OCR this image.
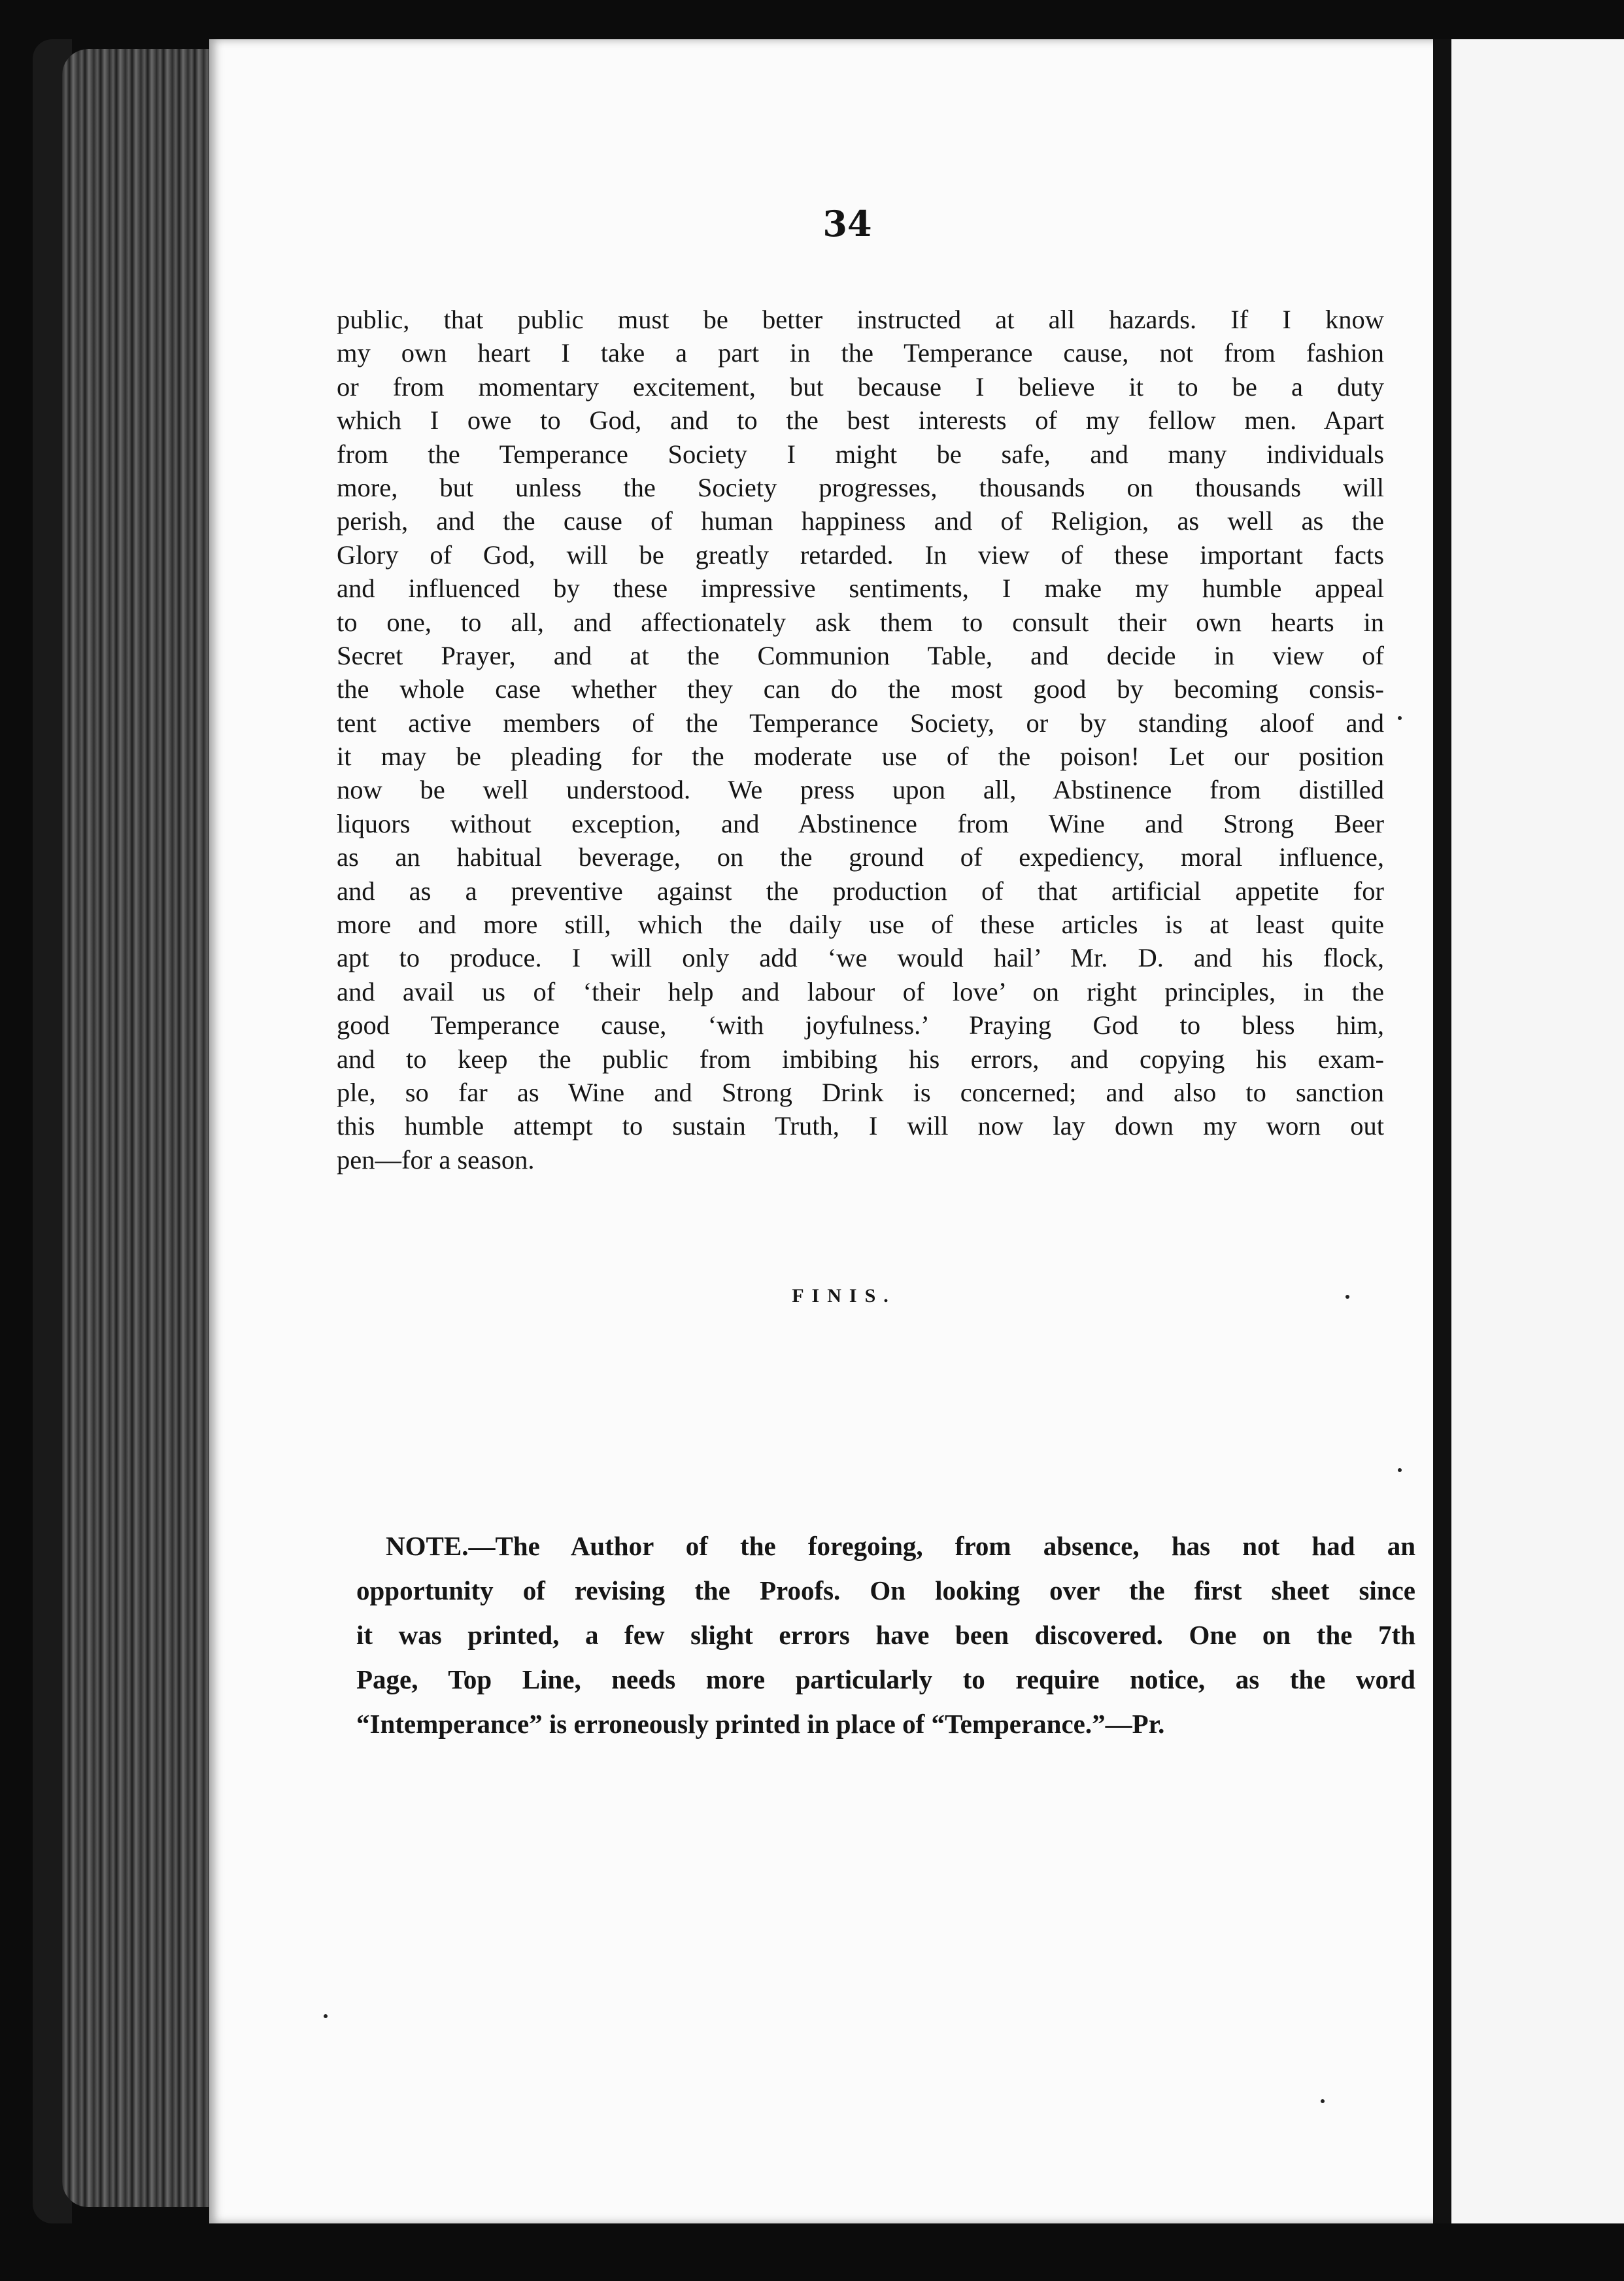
34
public, that public must be better instructed at all hazards. If I know
my own heart I take a part in the Temperance cause, not from fashion
or from momentary excitement, but because I believe it to be a duty
which I owe to God, and to the best interests of my fellow men. Apart
from the Temperance Society I might be safe, and many individuals
more, but unless the Society progresses, thousands on thousands will
perish, and the cause of human happiness and of Religion, as well as the
Glory of God, will be greatly retarded. In view of these important facts
and influenced by these impressive sentiments, I make my humble appeal
to one, to all, and affectionately ask them to consult their own hearts in
Secret Prayer, and at the Communion Table, and decide in view of
the whole case whether they can do the most good by becoming consis-
tent active members of the Temperance Society, or by standing aloof and
it may be pleading for the moderate use of the poison! Let our position
now be well understood. We press upon all, Abstinence from distilled
liquors without exception, and Abstinence from Wine and Strong Beer
as an habitual beverage, on the ground of expediency, moral influence,
and as a preventive against the production of that artificial appetite for
more and more still, which the daily use of these articles is at least quite
apt to produce. I will only add ‘we would hail’ Mr. D. and his flock,
and avail us of ‘their help and labour of love’ on right principles, in the
good Temperance cause, ‘with joyfulness.’ Praying God to bless him,
and to keep the public from imbibing his errors, and copying his exam-
ple, so far as Wine and Strong Drink is concerned; and also to sanction
this humble attempt to sustain Truth, I will now lay down my worn out
pen—for a season.
FINIS.
NOTE.—The Author of the foregoing, from absence, has not had an
opportunity of revising the Proofs. On looking over the first sheet since
it was printed, a few slight errors have been discovered. One on the 7th
Page, Top Line, needs more particularly to require notice, as the word
“Intemperance” is erroneously printed in place of “Temperance.”—Pr.
